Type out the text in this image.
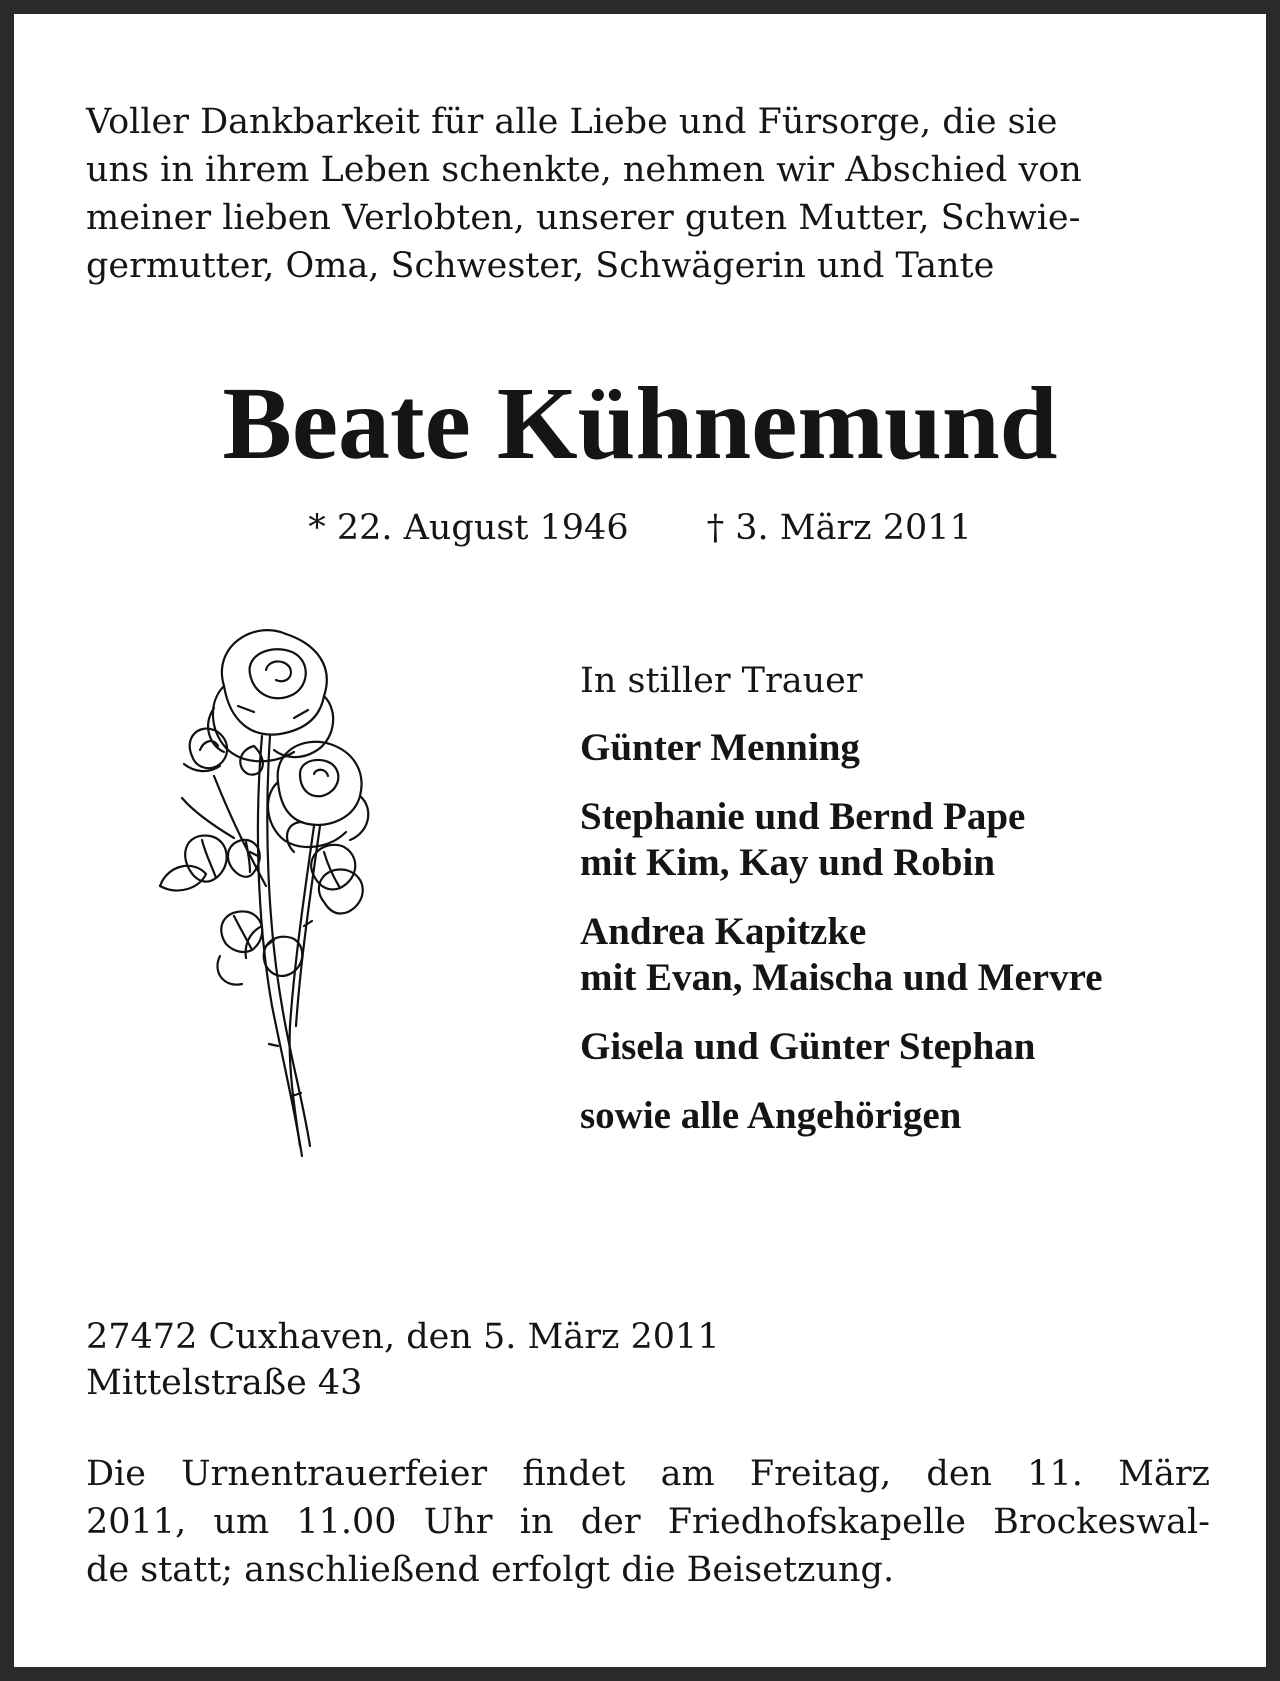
Voller Dankbarkeit für alle Liebe und Fürsorge, die sie
uns in ihrem Leben schenkte, nehmen wir Abschied von
meiner lieben Verlobten, unserer guten Mutter, Schwie-
germutter, Oma, Schwester, Schwägerin und Tante
Beate Kühnemund
* 22. August 1946 † 3. März 2011
In stiller Trauer
Günter Menning
Stephanie und Bernd Pape
mit Kim, Kay und Robin
Andrea Kapitzke
mit Evan, Maischa und Mervre
Gisela und Günter Stephan
sowie alle Angehörigen
27472 Cuxhaven, den 5. März 2011
Mittelstraße 43
Die Urnentrauerfeier findet am Freitag, den 11. März
2011, um 11.00 Uhr in der Friedhofskapelle Brockeswal-
de statt; anschließend erfolgt die Beisetzung.
